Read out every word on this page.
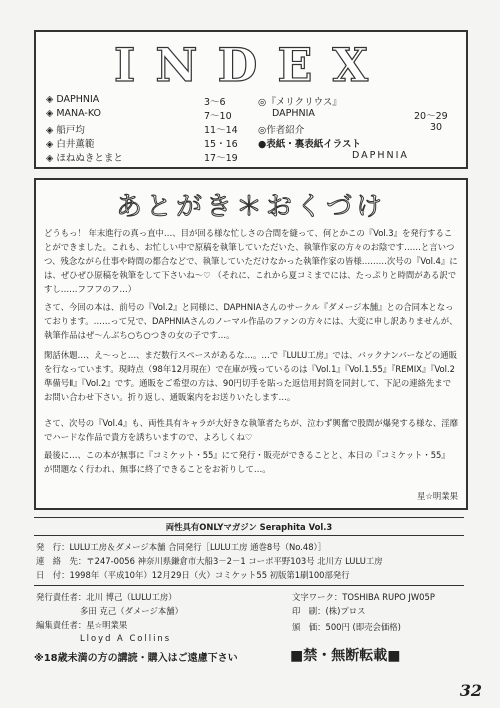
INDEX
◈ DAPHNIA	3～6
◈ MANA-KO	7～10
◈ 船戸均	11～14
◈ 白井薫範	15・16
◈ ほねぬきとまと	17～19
◎『メリクリウス』
DAPHNIA	20～29
◎作者紹介	30
●表紙・裏表紙イラスト
DAPHNIA
あとがき＊おくづけ
どうもっ！ 年末進行の真っ直中…、目が回る様な忙しさの合間を縫って、何とかこの『Vol.3』を発行することができました。これも、お忙しい中で原稿を執筆していただいた、執筆作家の方々のお陰です……と言いつつ、残念ながら仕事や時間の都合などで、執筆していただけなかった執筆作家の皆様………次号の『Vol.4』には、ぜひぜひ原稿を執筆をして下さいね～♡ （それに、これから夏コミまでには、たっぷりと時間がある訳ですし……フフフのフ…）
さて、今回の本は、前号の『Vol.2』と同様に、DAPHNIAさんのサークル『ダメージ本舗』との合同本となっております。……って兄で、DAPHNIAさんのノーマル作品のファンの方々には、大変に申し訳ありませんが、執筆作品はぜ～んぶち○ち○つきの女の子です…。
閑話休題…、え～っと…、まだ数行スペースがあるな…。…で『LULU工房』では、バックナンバーなどの通販を行なっています。現時点（98年12月現在）で在庫が残っているのは『Vol.1』『Vol.1.55』『REMIX』『Vol.2準備号Ⅱ』『Vol.2』です。通販をご希望の方は、90円切手を貼った返信用封筒を同封して、下記の連絡先までお問い合わせ下さい。折り返し、通販案内をお送りいたします…。
さて、次号の『Vol.4』も、両性具有キャラが大好きな執筆者たちが、泣わず興奮で股間が爆発する様な、淫靡でハードな作品で貴方を誘ちいますので、よろしくね♡
最後に…、この本が無事に『コミケット・55』にて発行・販売ができることと、本日の『コミケット・55』が問題なく行われ、無事に終了できることをお祈りして…。
星☆明業果
両性具有ONLYマガジン Seraphita Vol.3
発　行：LULU工房＆ダメージ本舗 合同発行［LULU工房 通巻8号（No.48）］
連　絡　先：〒247-0056 神奈川県鎌倉市大船3－2－1 コーポ平野103号 北川方 LULU工房
日　付：1998年（平成10年）12月29日（火）コミケット55 初版第1刷100部発行
発行責任者：北川 博己（LULU工房）
多田 克己（ダメージ本舗）
編集責任者：星☆明業果
Lloyd A Collins
文字ワーク：TOSHIBA RUPO JW05P
印　刷：(株)プロス
頒　価：500円 (即売会価格)
※18歳未満の方の講読・購入はご遠慮下さい	■禁・無断転載■
32
